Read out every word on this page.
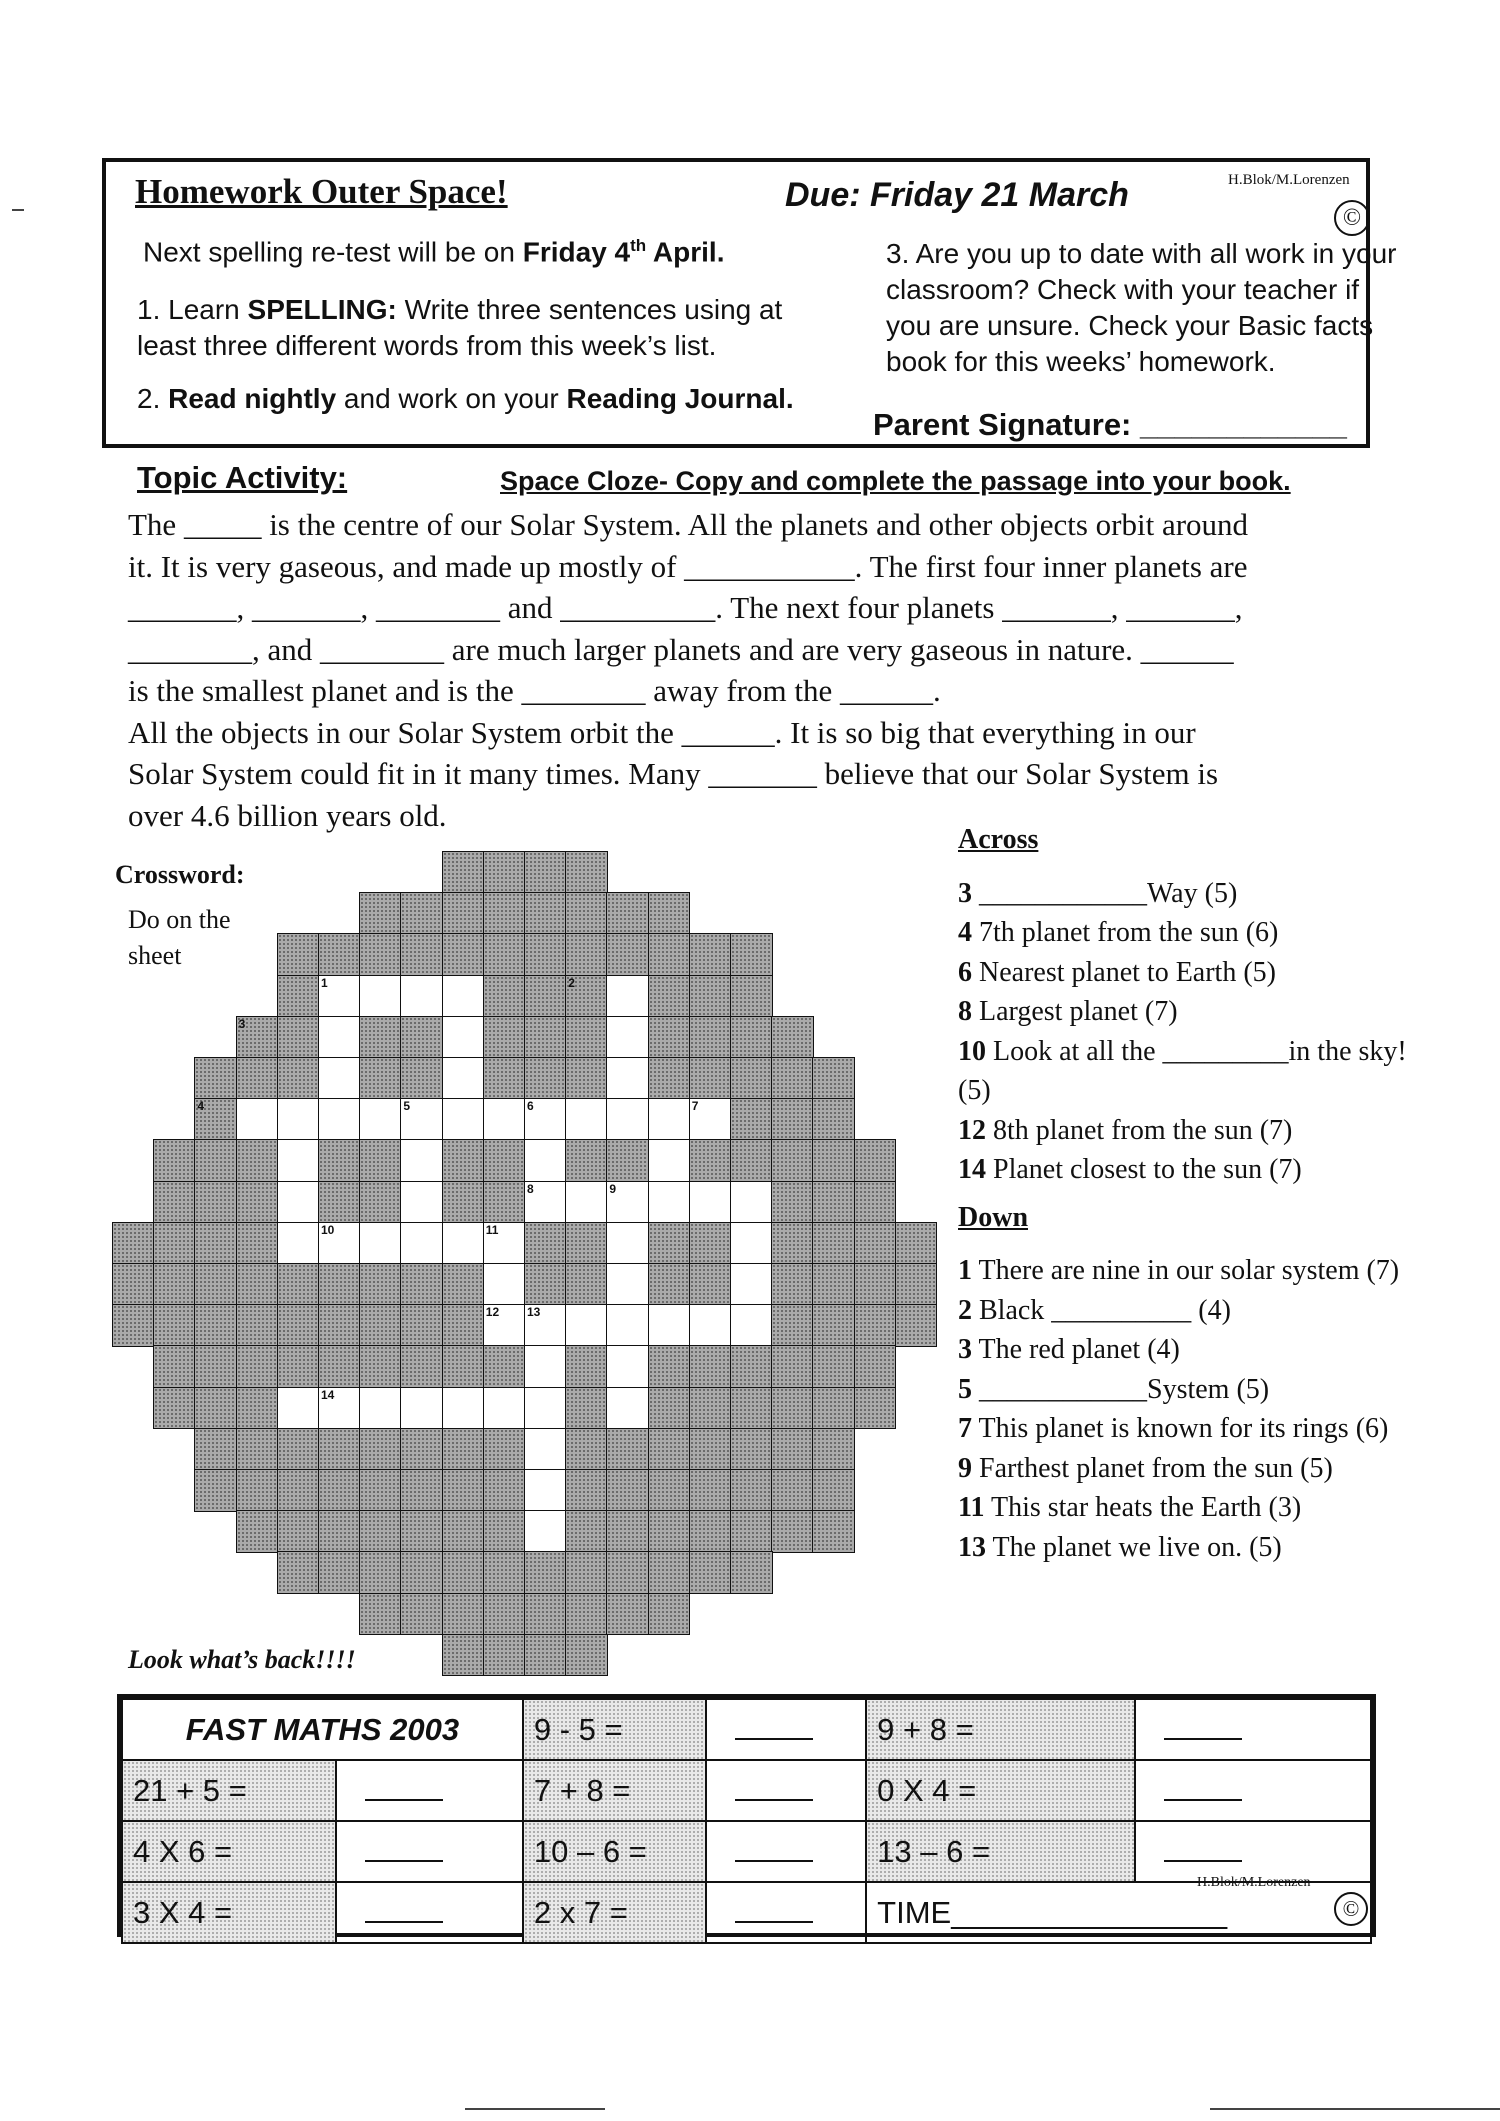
Homework Outer Space!	Due: Friday 21 March	H.Blok/M.Lorenzen
©
Next spelling re-test will be on Friday 4th April.
1. Learn SPELLING: Write three sentences using at least three different words from this week’s list.
2. Read nightly and work on your Reading Journal.
3. Are you up to date with all work in your classroom? Check with your teacher if you are unsure. Check your Basic facts book for this weeks’ homework.
Parent Signature: ____________
Topic Activity:	Space Cloze- Copy and complete the passage into your book.
The _____ is the centre of our Solar System. All the planets and other objects orbit around
it. It is very gaseous, and made up mostly of ___________. The first four inner planets are
_______, _______, ________ and __________. The next four planets _______, _______,
________, and ________ are much larger planets and are very gaseous in nature. ______
is the smallest planet and is the ________ away from the ______.
All the objects in our Solar System orbit the ______. It is so big that everything in our
Solar System could fit in it many times. Many _______ believe that our Solar System is
over 4.6 billion years old.
Crossword:
Do on the sheet
1	2
3
4	5	6	7
8	9
10	11
12 13
14
Look what’s back!!!!
Across
3 ____________Way (5)
4 7th planet from the sun (6)
6 Nearest planet to Earth (5)
8 Largest planet (7)
10 Look at all the _________in the sky! (5)
12 8th planet from the sun (7)
14 Planet closest to the sun (7)
Down
1 There are nine in our solar system (7)
2 Black __________ (4)
3 The red planet (4)
5 ____________System (5)
7 This planet is known for its rings (6)
9 Farthest planet from the sun (5)
11 This star heats the Earth (3)
13 The planet we live on. (5)
FAST MATHS 2003		9 - 5 =		9 + 8 =	
21 + 5 =		7 + 8 =		0 X 4 =	
4 X 6 =		10 – 6 =		13 – 6 =	
3 X 4 =		2 x 7 =		TIME________________	
H.Blok/M.Lorenzen
©
